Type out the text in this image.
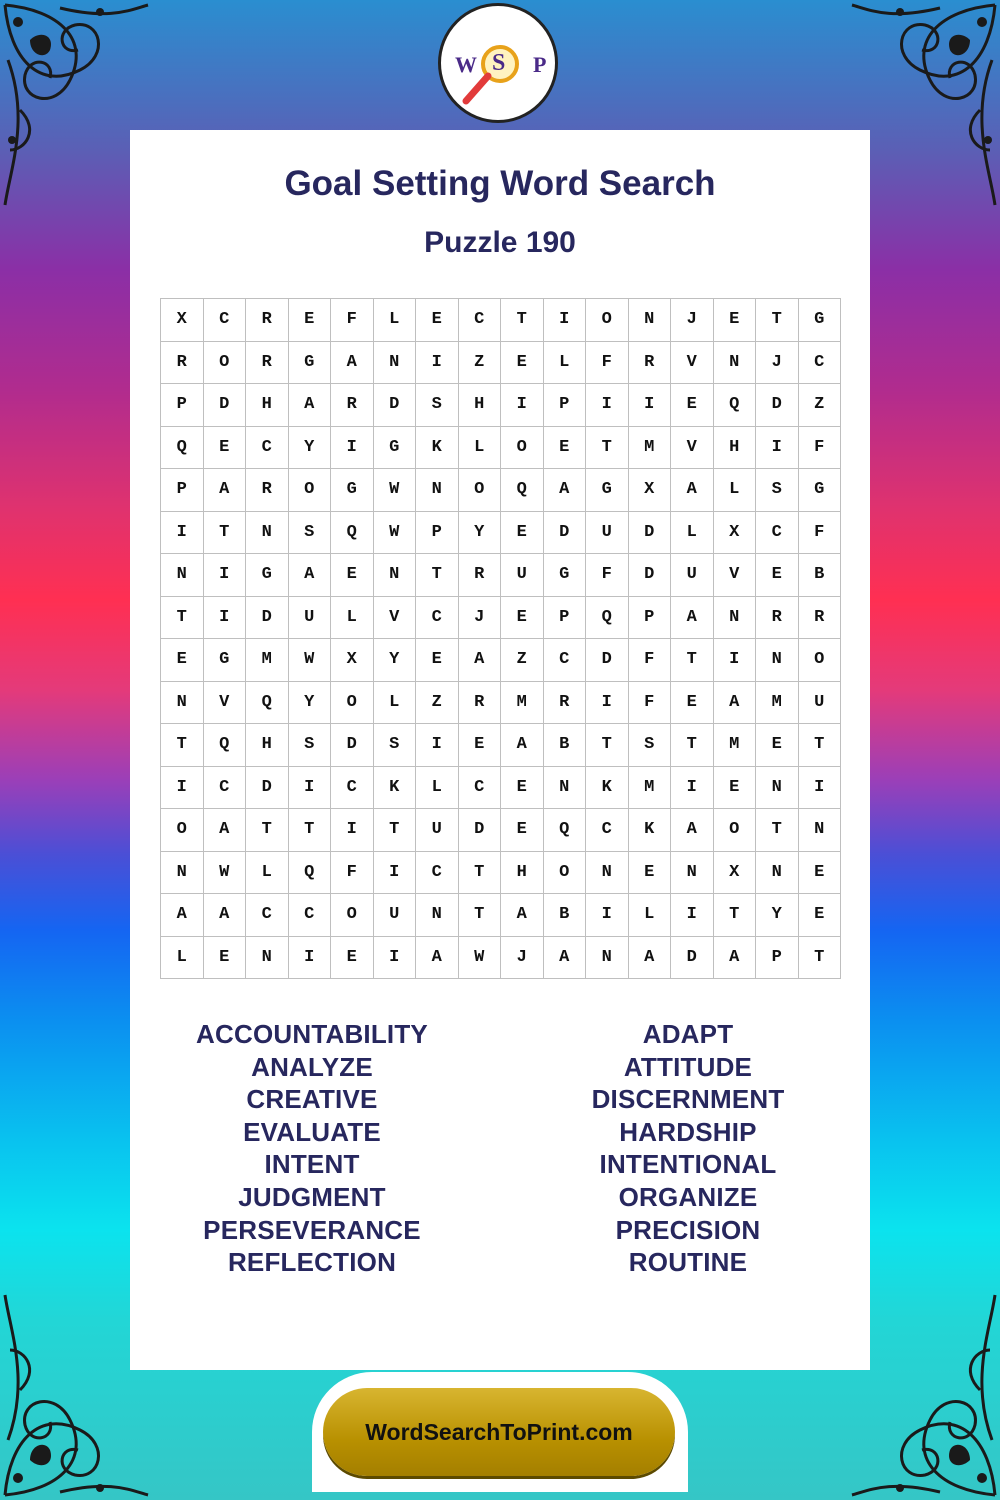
W S P
Goal Setting Word Search
Puzzle 190
X	C	R	E	F	L	E	C	T	I	O	N	J	E	T	G
R	O	R	G	A	N	I	Z	E	L	F	R	V	N	J	C
P	D	H	A	R	D	S	H	I	P	I	I	E	Q	D	Z
Q	E	C	Y	I	G	K	L	O	E	T	M	V	H	I	F
P	A	R	O	G	W	N	O	Q	A	G	X	A	L	S	G
I	T	N	S	Q	W	P	Y	E	D	U	D	L	X	C	F
N	I	G	A	E	N	T	R	U	G	F	D	U	V	E	B
T	I	D	U	L	V	C	J	E	P	Q	P	A	N	R	R
E	G	M	W	X	Y	E	A	Z	C	D	F	T	I	N	O
N	V	Q	Y	O	L	Z	R	M	R	I	F	E	A	M	U
T	Q	H	S	D	S	I	E	A	B	T	S	T	M	E	T
I	C	D	I	C	K	L	C	E	N	K	M	I	E	N	I
O	A	T	T	I	T	U	D	E	Q	C	K	A	O	T	N
N	W	L	Q	F	I	C	T	H	O	N	E	N	X	N	E
A	A	C	C	O	U	N	T	A	B	I	L	I	T	Y	E
L	E	N	I	E	I	A	W	J	A	N	A	D	A	P	T
ACCOUNTABILITY
ANALYZE
CREATIVE
EVALUATE
INTENT
JUDGMENT
PERSEVERANCE
REFLECTION
ADAPT
ATTITUDE
DISCERNMENT
HARDSHIP
INTENTIONAL
ORGANIZE
PRECISION
ROUTINE
WordSearchToPrint.com
